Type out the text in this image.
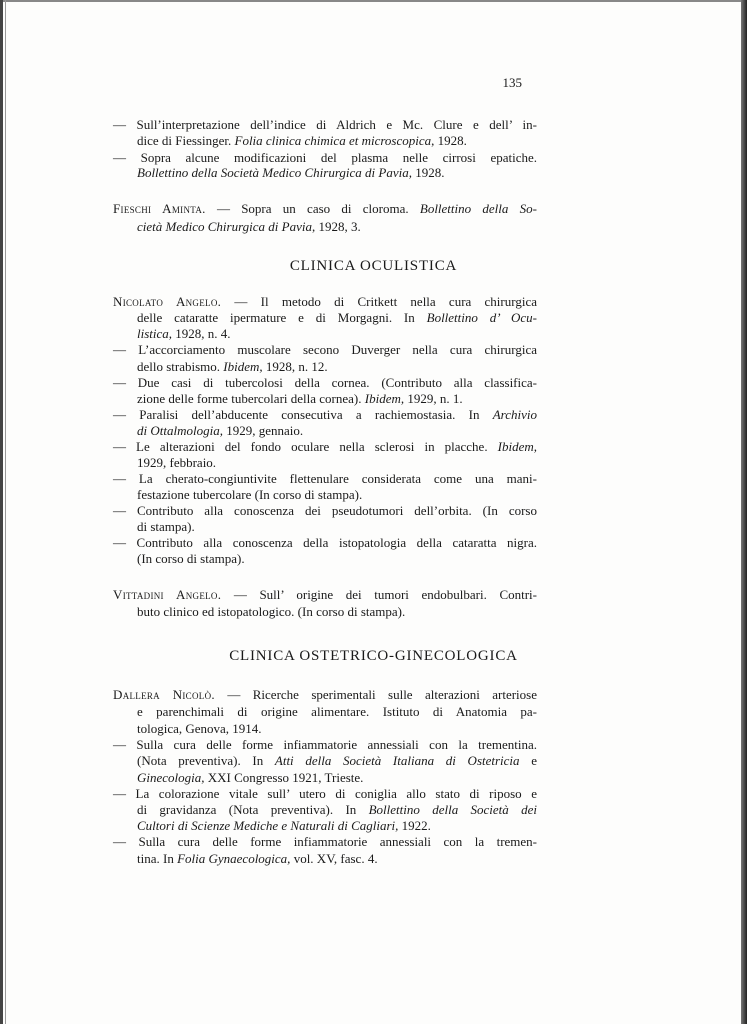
135
CLINICA OCULISTICA
CLINICA OSTETRICO-GINECOLOGICA
— Sull’interpretazione dell’indice di Aldrich e Mc. Clure e dell’ in-
dice di Fiessinger. Folia clinica chimica et microscopica, 1928.
— Sopra alcune modificazioni del plasma nelle cirrosi epatiche.
Bollettino della Società Medico Chirurgica di Pavia, 1928.
Fieschi Aminta. — Sopra un caso di cloroma. Bollettino della So-
cietà Medico Chirurgica di Pavia, 1928, 3.
Nicolato Angelo. — Il metodo di Critkett nella cura chirurgica
delle cataratte ipermature e di Morgagni. In Bollettino d’ Ocu-
listica, 1928, n. 4.
— L’accorciamento muscolare secono Duverger nella cura chirurgica
dello strabismo. Ibidem, 1928, n. 12.
— Due casi di tubercolosi della cornea. (Contributo alla classifica-
zione delle forme tubercolari della cornea). Ibidem, 1929, n. 1.
— Paralisi dell’abducente consecutiva a rachiemostasia. In Archivio
di Ottalmologia, 1929, gennaio.
— Le alterazioni del fondo oculare nella sclerosi in placche. Ibidem,
1929, febbraio.
— La cherato-congiuntivite flettenulare considerata come una mani-
festazione tubercolare (In corso di stampa).
— Contributo alla conoscenza dei pseudotumori dell’orbita. (In corso
di stampa).
— Contributo alla conoscenza della istopatologia della cataratta nigra.
(In corso di stampa).
Vittadini Angelo. — Sull’ origine dei tumori endobulbari. Contri-
buto clinico ed istopatologico. (In corso di stampa).
Dallera Nicolò. — Ricerche sperimentali sulle alterazioni arteriose
e parenchimali di origine alimentare. Istituto di Anatomia pa-
tologica, Genova, 1914.
— Sulla cura delle forme infiammatorie annessiali con la trementina.
(Nota preventiva). In Atti della Società Italiana di Ostetricia e
Ginecologia, XXI Congresso 1921, Trieste.
— La colorazione vitale sull’ utero di coniglia allo stato di riposo e
di gravidanza (Nota preventiva). In Bollettino della Società dei
Cultori di Scienze Mediche e Naturali di Cagliari, 1922.
— Sulla cura delle forme infiammatorie annessiali con la tremen-
tina. In Folia Gynaecologica, vol. XV, fasc. 4.
